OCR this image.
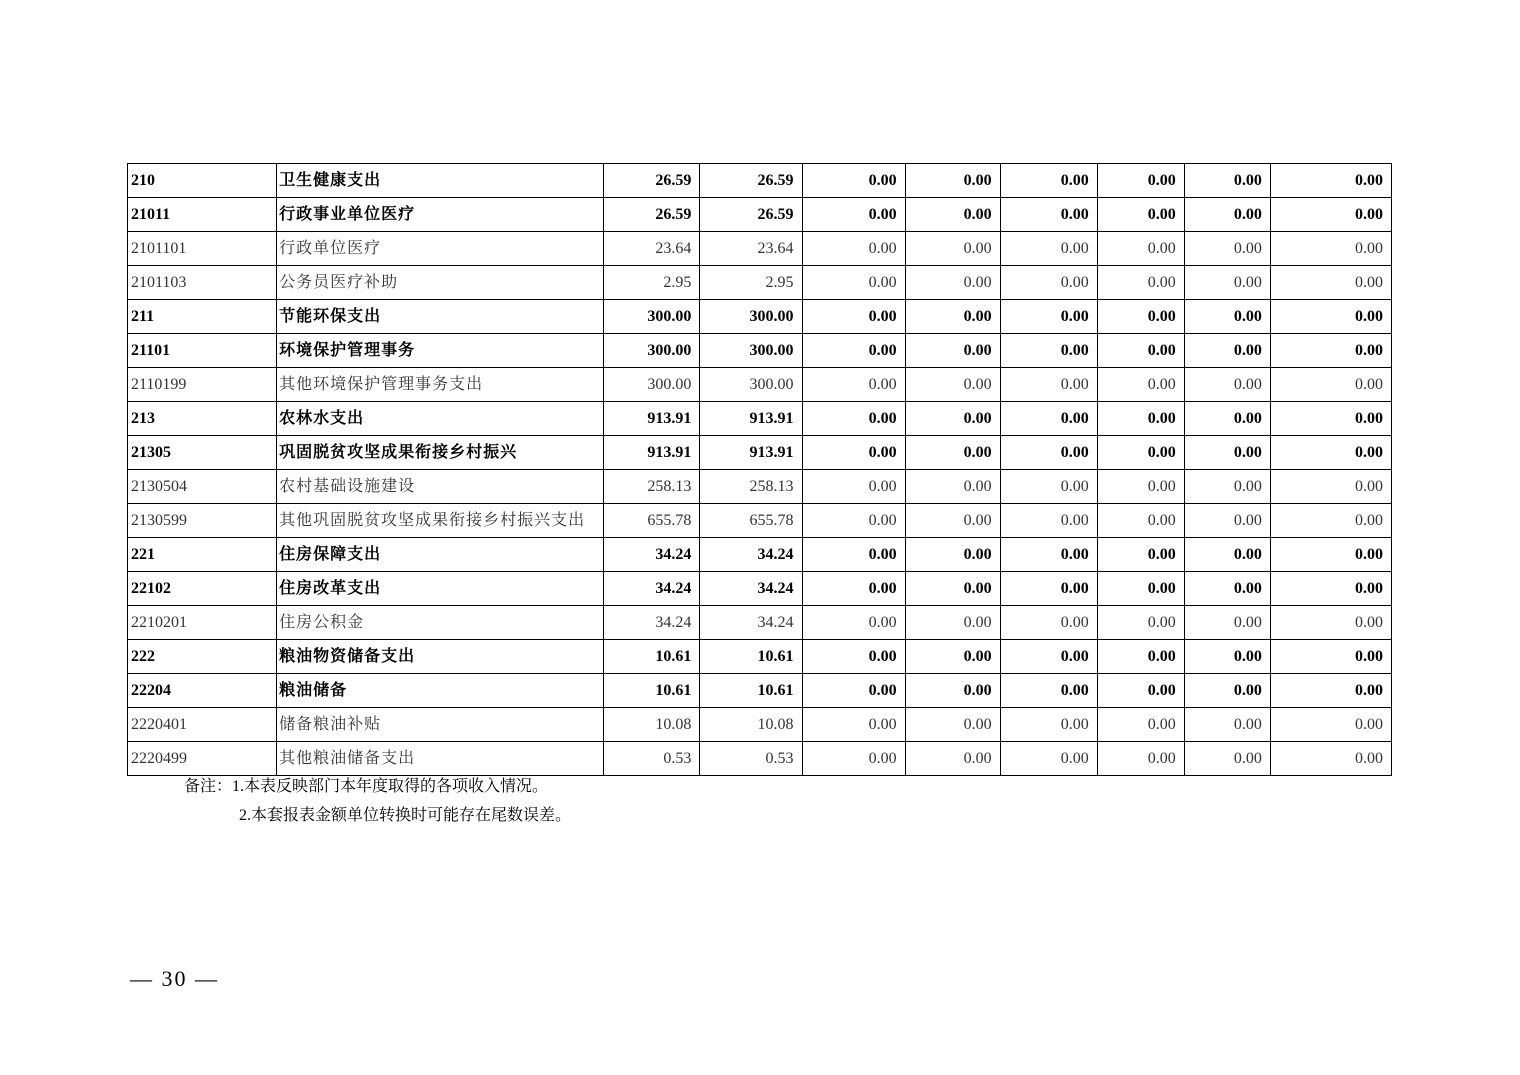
210	卫生健康支出	26.59	26.59	0.00	0.00	0.00	0.00	0.00	0.00
21011	行政事业单位医疗	26.59	26.59	0.00	0.00	0.00	0.00	0.00	0.00
2101101	行政单位医疗	23.64	23.64	0.00	0.00	0.00	0.00	0.00	0.00
2101103	公务员医疗补助	2.95	2.95	0.00	0.00	0.00	0.00	0.00	0.00
211	节能环保支出	300.00	300.00	0.00	0.00	0.00	0.00	0.00	0.00
21101	环境保护管理事务	300.00	300.00	0.00	0.00	0.00	0.00	0.00	0.00
2110199	其他环境保护管理事务支出	300.00	300.00	0.00	0.00	0.00	0.00	0.00	0.00
213	农林水支出	913.91	913.91	0.00	0.00	0.00	0.00	0.00	0.00
21305	巩固脱贫攻坚成果衔接乡村振兴	913.91	913.91	0.00	0.00	0.00	0.00	0.00	0.00
2130504	农村基础设施建设	258.13	258.13	0.00	0.00	0.00	0.00	0.00	0.00
2130599	其他巩固脱贫攻坚成果衔接乡村振兴支出	655.78	655.78	0.00	0.00	0.00	0.00	0.00	0.00
221	住房保障支出	34.24	34.24	0.00	0.00	0.00	0.00	0.00	0.00
22102	住房改革支出	34.24	34.24	0.00	0.00	0.00	0.00	0.00	0.00
2210201	住房公积金	34.24	34.24	0.00	0.00	0.00	0.00	0.00	0.00
222	粮油物资储备支出	10.61	10.61	0.00	0.00	0.00	0.00	0.00	0.00
22204	粮油储备	10.61	10.61	0.00	0.00	0.00	0.00	0.00	0.00
2220401	储备粮油补贴	10.08	10.08	0.00	0.00	0.00	0.00	0.00	0.00
2220499	其他粮油储备支出	0.53	0.53	0.00	0.00	0.00	0.00	0.00	0.00
备注：1.本表反映部门本年度取得的各项收入情况。
2.本套报表金额单位转换时可能存在尾数误差。
— 30 —
